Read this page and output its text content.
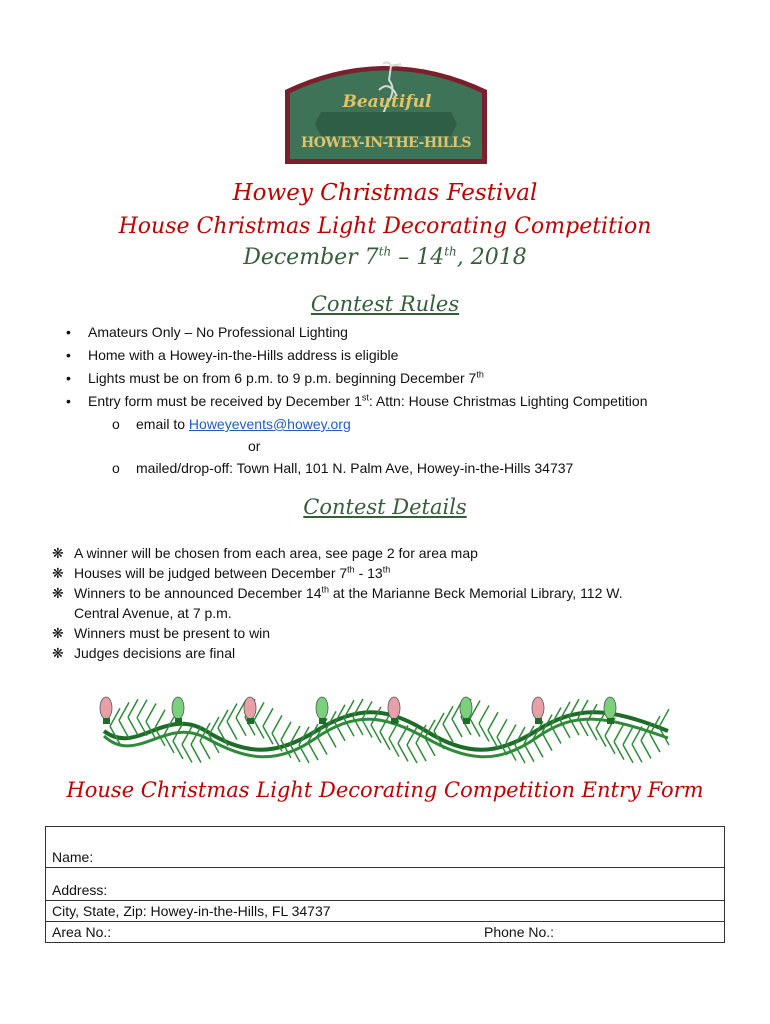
Beautiful
HOWEY-IN-THE-HILLS
Howey Christmas Festival
House Christmas Light Decorating Competition
December 7th – 14th, 2018
Contest Rules
• Amateurs Only – No Professional Lighting
• Home with a Howey-in-the-Hills address is eligible
• Lights must be on from 6 p.m. to 9 p.m. beginning December 7th
• Entry form must be received by December 1st: Attn: House Christmas Lighting Competition
o email to Howeyevents@howey.org
or
o mailed/drop-off: Town Hall, 101 N. Palm Ave, Howey-in-the-Hills 34737
Contest Details
❋ A winner will be chosen from each area, see page 2 for area map
❋ Houses will be judged between December 7th - 13th
❋ Winners to be announced December 14th at the Marianne Beck Memorial Library, 112 W.
Central Avenue, at 7 p.m.
❋ Winners must be present to win
❋ Judges decisions are final
House Christmas Light Decorating Competition Entry Form
Name:
Address:
City, State, Zip: Howey-in-the-Hills, FL 34737
Area No.:	Phone No.:
